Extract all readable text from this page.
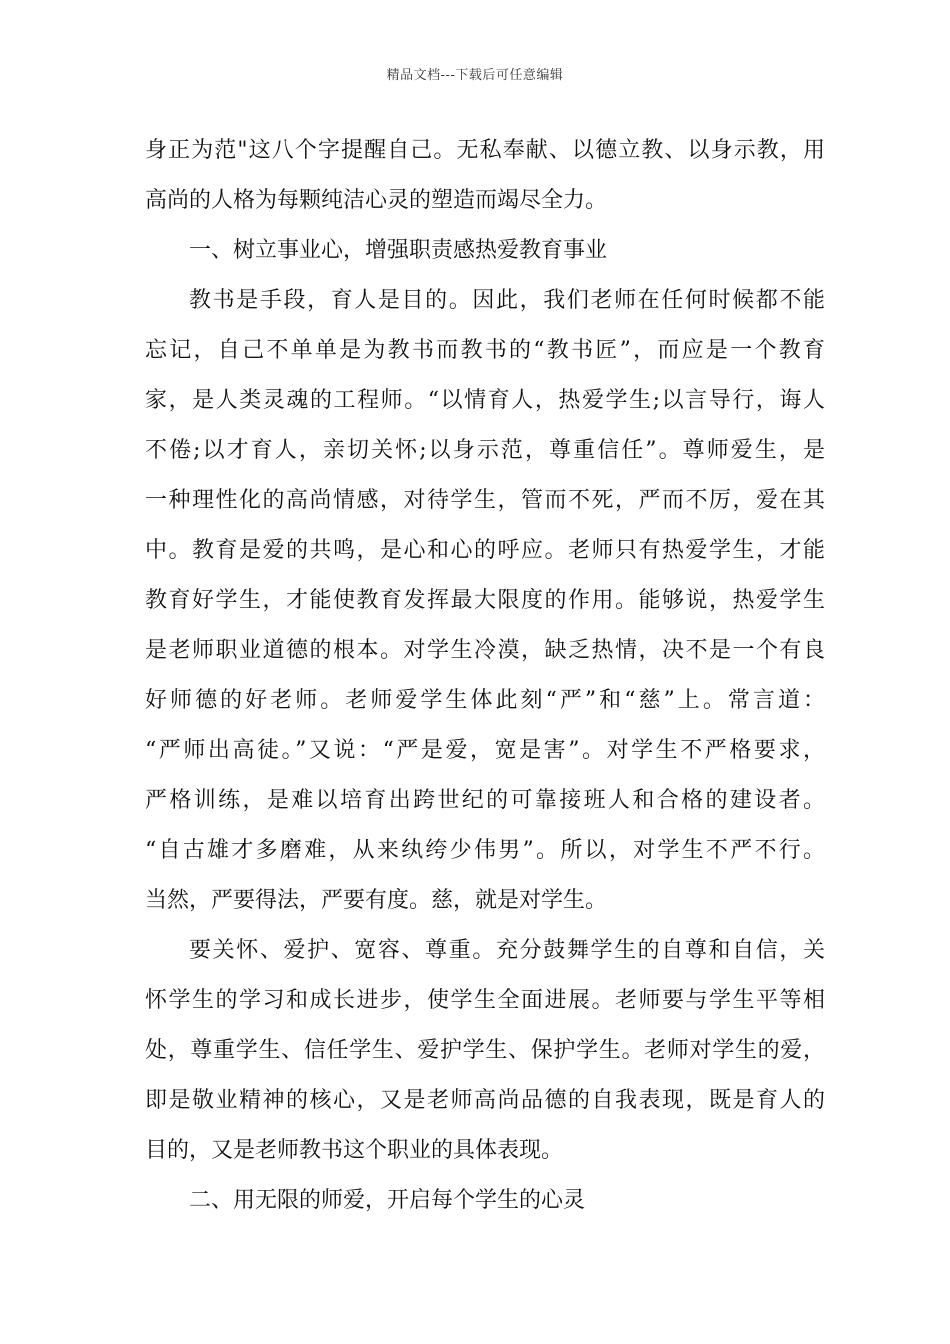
精品文档---下载后可任意编辑
身正为范"这八个字提醒自己。无私奉献、以德立教、以身示教，用
高尚的人格为每颗纯洁心灵的塑造而竭尽全力。
一、树立事业心，增强职责感热爱教育事业
教书是手段，育人是目的。因此，我们老师在任何时候都不能
忘记，自己不单单是为教书而教书的“教书匠”，而应是一个教育
家，是人类灵魂的工程师。“以情育人，热爱学生;以言导行，诲人
不倦;以才育人，亲切关怀;以身示范，尊重信任”。尊师爱生，是
一种理性化的高尚情感，对待学生，管而不死，严而不厉，爱在其
中。教育是爱的共鸣，是心和心的呼应。老师只有热爱学生，才能
教育好学生，才能使教育发挥最大限度的作用。能够说，热爱学生
是老师职业道德的根本。对学生冷漠，缺乏热情，决不是一个有良
好师德的好老师。老师爱学生体此刻“严”和“慈”上。常言道：
“严师出高徒。”又说：“严是爱，宽是害”。对学生不严格要求，
严格训练，是难以培育出跨世纪的可靠接班人和合格的建设者。
“自古雄才多磨难，从来纨绔少伟男”。所以，对学生不严不行。
当然，严要得法，严要有度。慈，就是对学生。
要关怀、爱护、宽容、尊重。充分鼓舞学生的自尊和自信，关
怀学生的学习和成长进步，使学生全面进展。老师要与学生平等相
处，尊重学生、信任学生、爱护学生、保护学生。老师对学生的爱，
即是敬业精神的核心，又是老师高尚品德的自我表现，既是育人的
目的，又是老师教书这个职业的具体表现。
二、用无限的师爱，开启每个学生的心灵
